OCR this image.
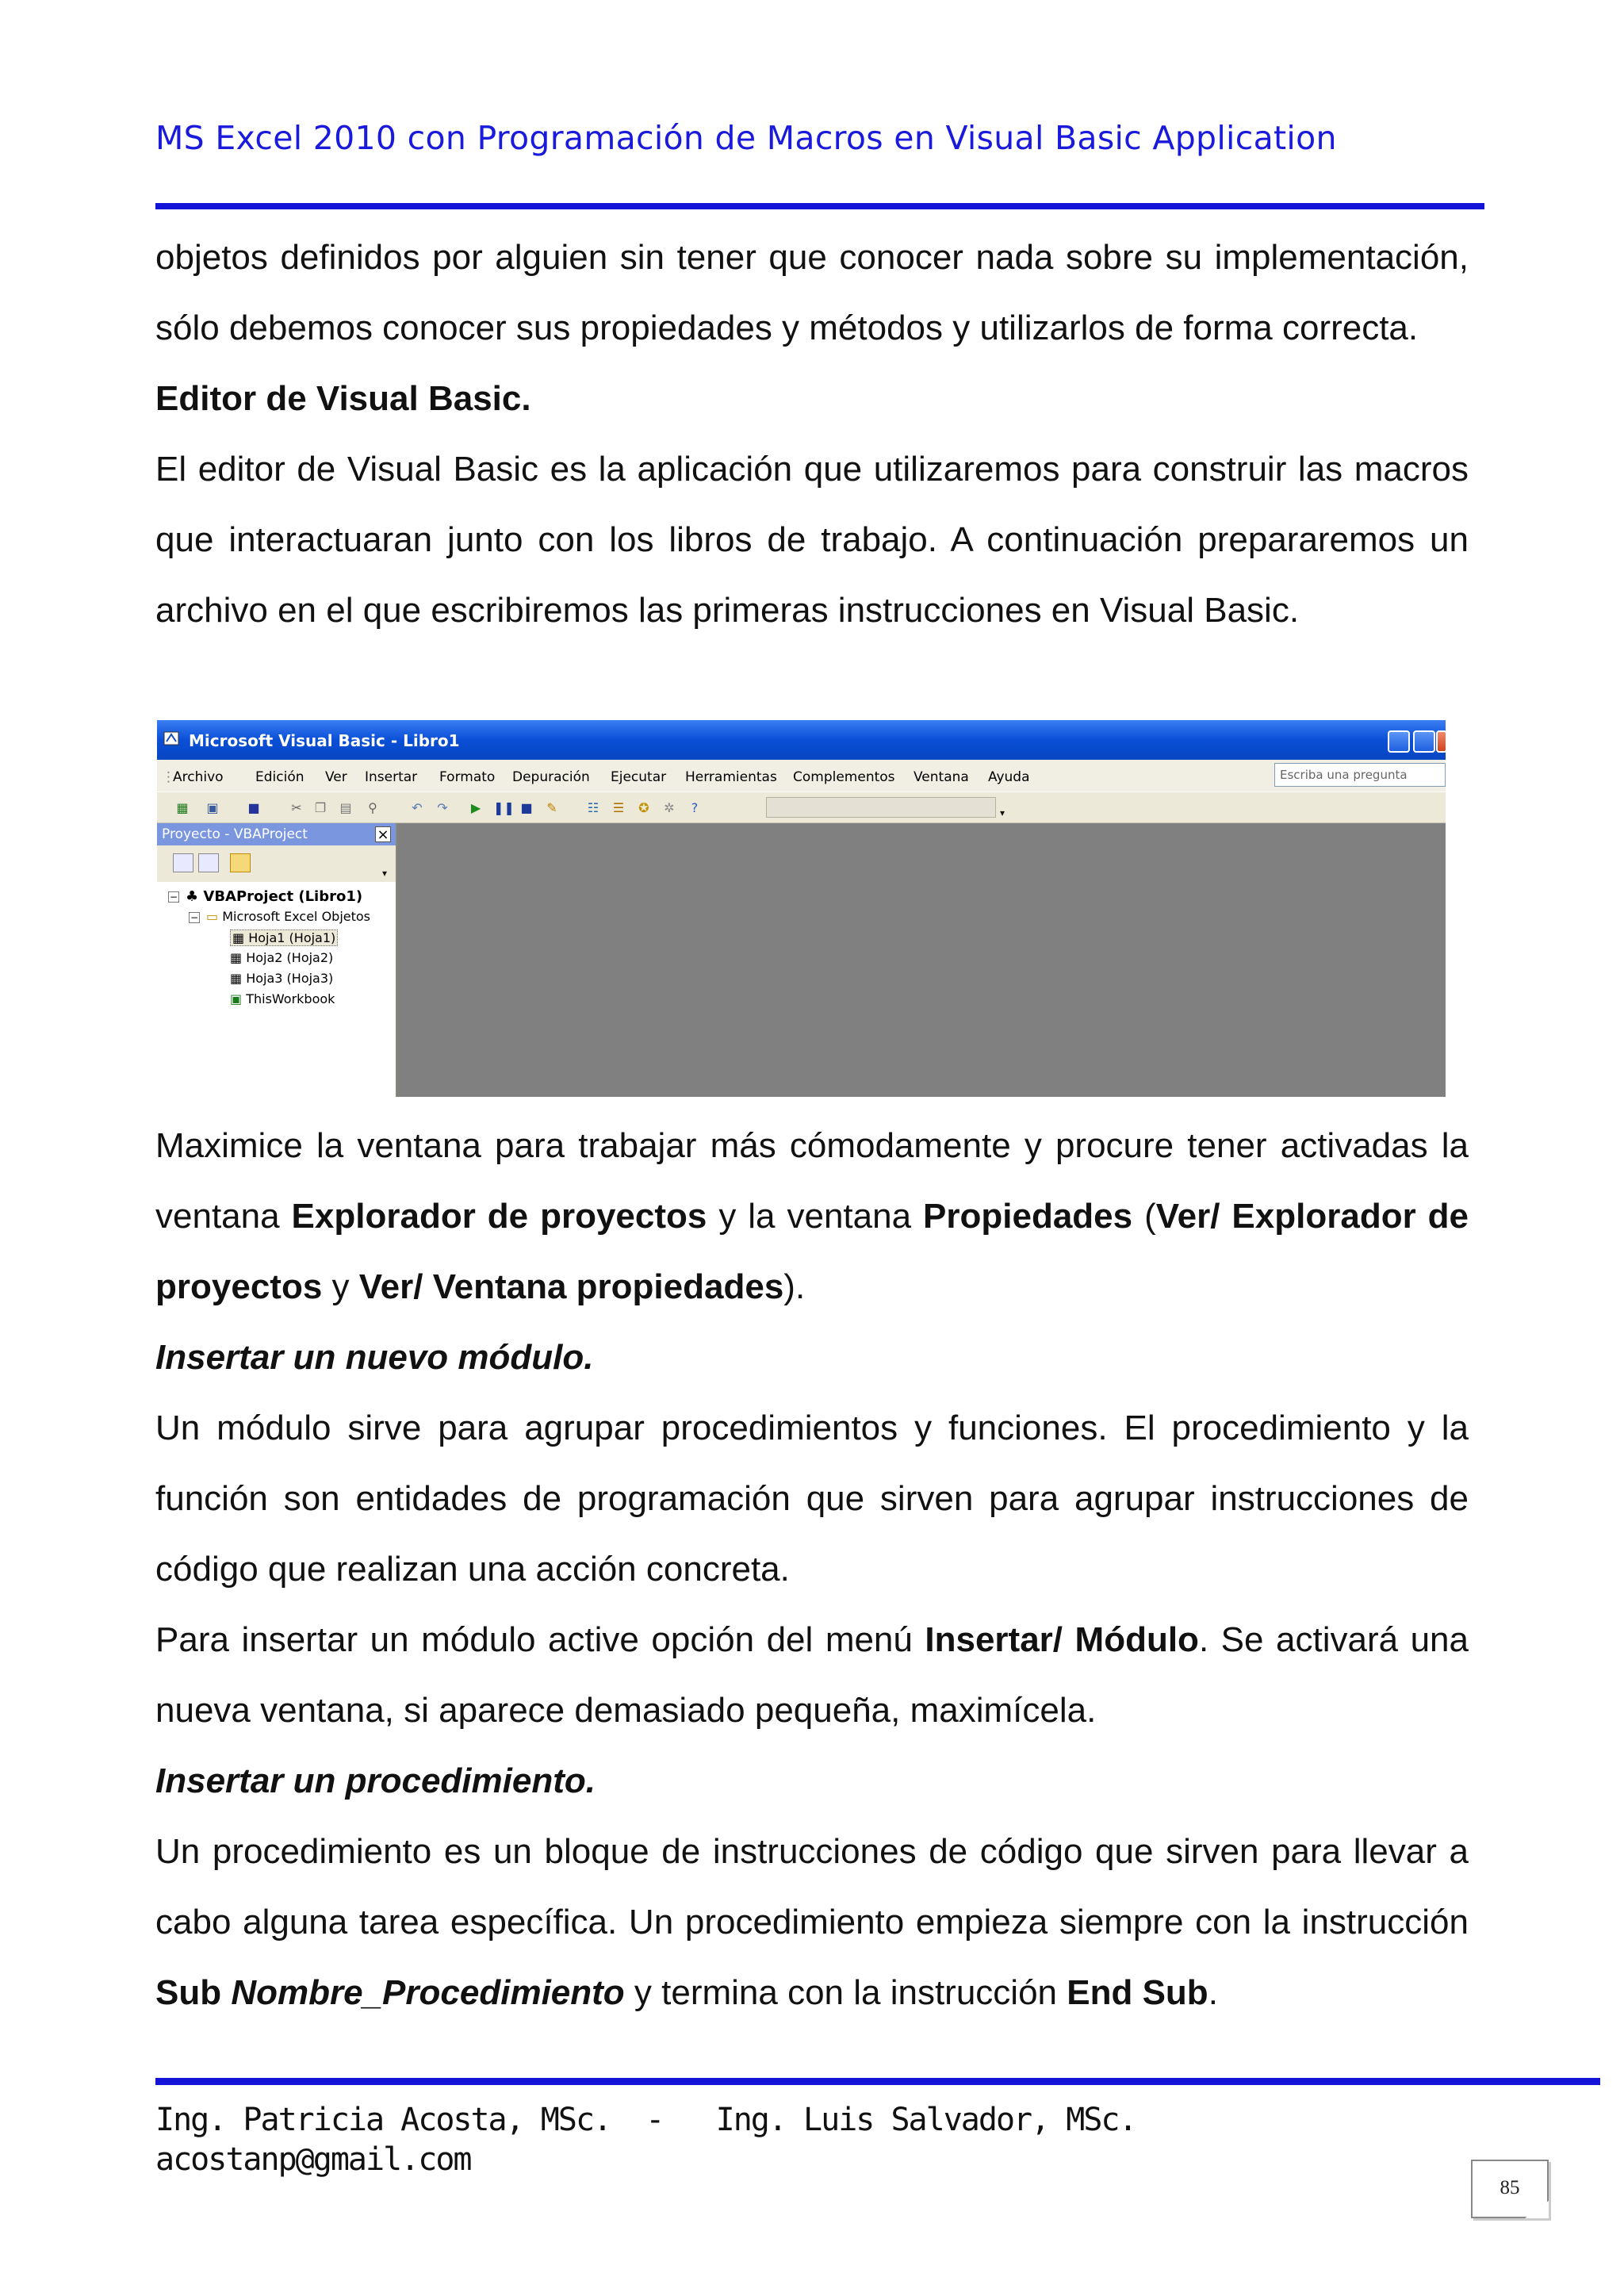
MS Excel 2010 con Programación de Macros en Visual Basic Application

objetos definidos por alguien sin tener que conocer nada sobre su implementación, sólo debemos conocer sus propiedades y métodos y utilizarlos de forma correcta.

Editor de Visual Basic.

El editor de Visual Basic es la aplicación que utilizaremos para construir las macros que interactuaran junto con los libros de trabajo. A continuación prepararemos un archivo en el que escribiremos las primeras instrucciones en Visual Basic.

Microsoft Visual Basic - Libro1
⋮
Archivo Edición Ver Insertar Formato Depuración Ejecutar Herramientas Complementos Ventana Ayuda	Escriba una pregunta
▦ ▣ ■ ✂ ❐ ▤ ⚲	↶ ↷ ▶ ❚❚ ■ ✎ ☷ ☰ ✪ ✲	?	▾
Proyecto - VBAProject	×
▾
− ♣ VBAProject (Libro1)
− ▭ Microsoft Excel Objetos
▦ Hoja1 (Hoja1)
▦ Hoja2 (Hoja2)
▦ Hoja3 (Hoja3)
▣ ThisWorkbook

Maximice la ventana para trabajar más cómodamente y procure tener activadas la ventana Explorador de proyectos y la ventana Propiedades (Ver/ Explorador de proyectos y Ver/ Ventana propiedades).

Insertar un nuevo módulo.

Un módulo sirve para agrupar procedimientos y funciones. El procedimiento y la función son entidades de programación que sirven para agrupar instrucciones de código que realizan una acción concreta.

Para insertar un módulo active opción del menú Insertar/ Módulo. Se activará una nueva ventana, si aparece demasiado pequeña, maximícela.

Insertar un procedimiento.

Un procedimiento es un bloque de instrucciones de código que sirven para llevar a cabo alguna tarea específica. Un procedimiento empieza siempre con la instrucción Sub Nombre_Procedimiento y termina con la instrucción End Sub.

Ing. Patricia Acosta, MSc.  -   Ing. Luis Salvador, MSc.
acostanp@gmail.com
85
